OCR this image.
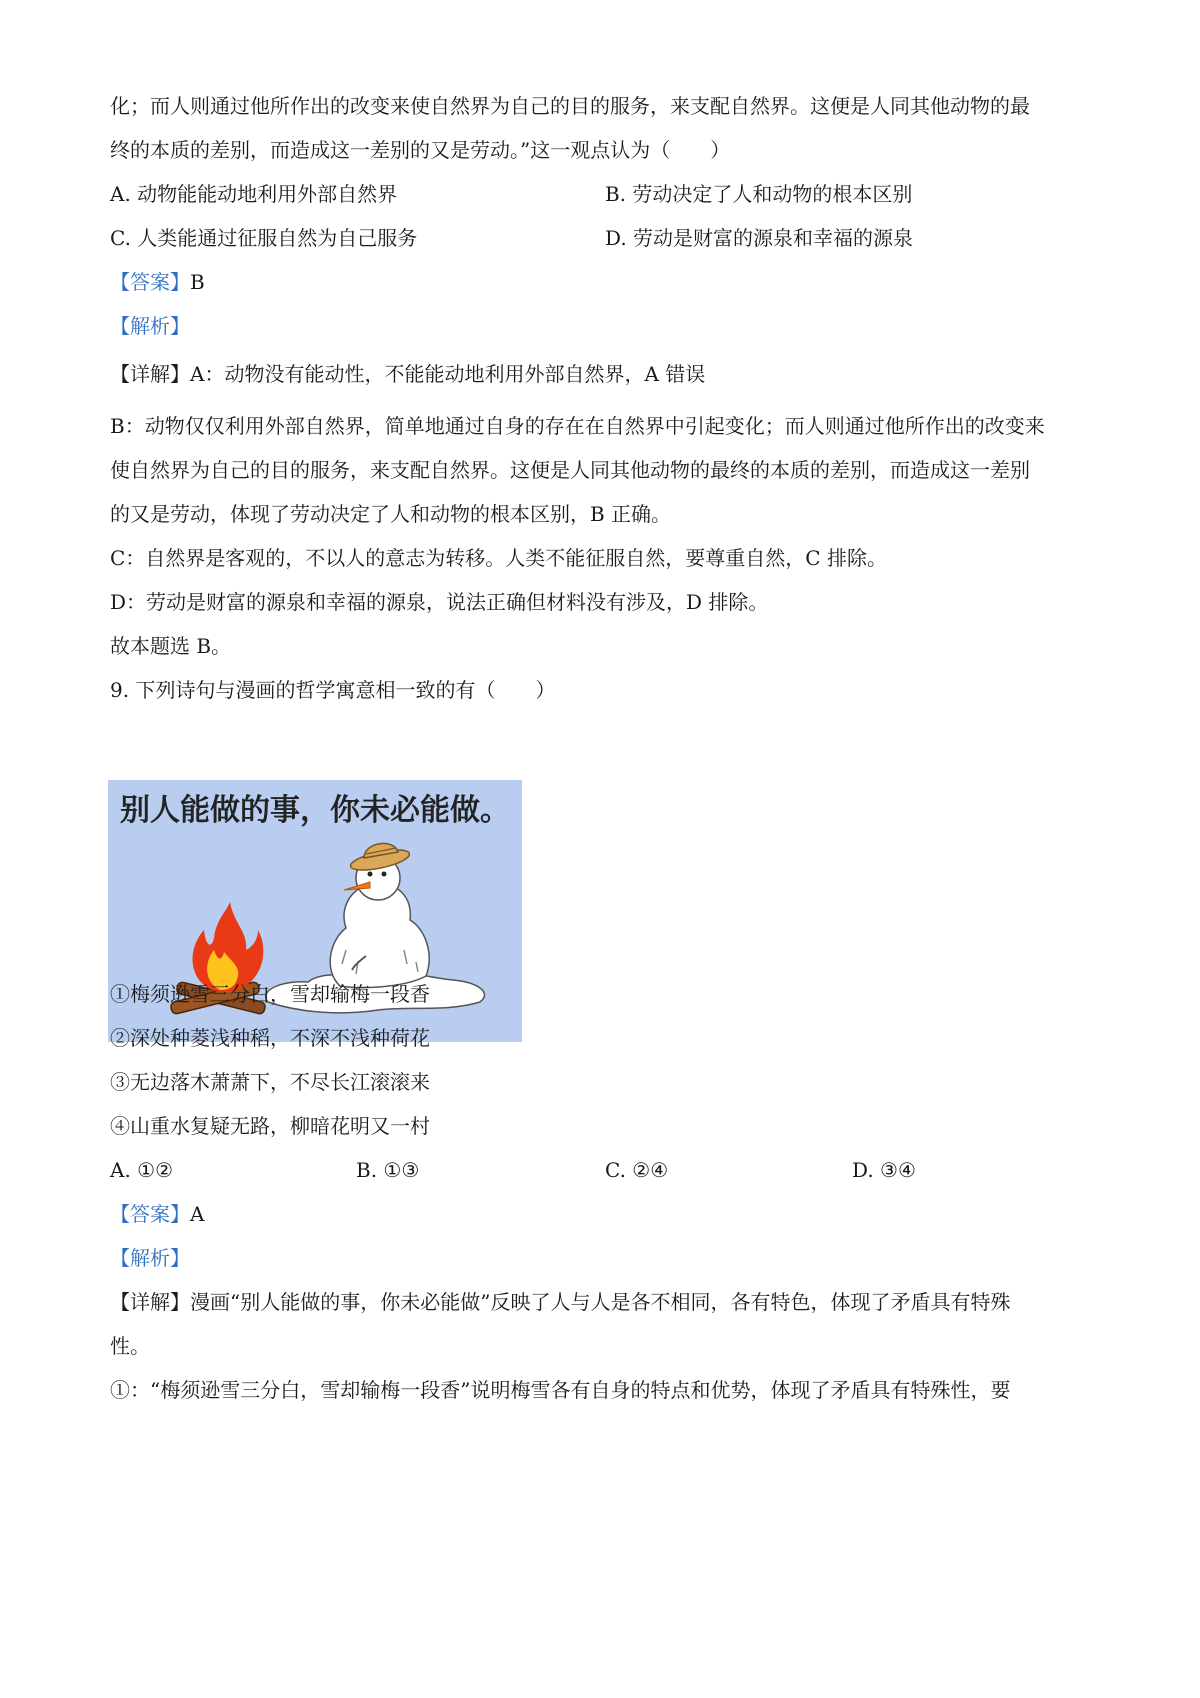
化；而人则通过他所作出的改变来使自然界为自己的目的服务，来支配自然界。这便是人同其他动物的最
终的本质的差别，而造成这一差别的又是劳动。”这一观点认为（　　）
A. 动物能能动地利用外部自然界	B. 劳动决定了人和动物的根本区别
C. 人类能通过征服自然为自己服务	D. 劳动是财富的源泉和幸福的源泉
【答案】B
【解析】
【详解】A：动物没有能动性，不能能动地利用外部自然界，A 错误
B：动物仅仅利用外部自然界，简单地通过自身的存在在自然界中引起变化；而人则通过他所作出的改变来
使自然界为自己的目的服务，来支配自然界。这便是人同其他动物的最终的本质的差别，而造成这一差别
的又是劳动，体现了劳动决定了人和动物的根本区别，B 正确。
C：自然界是客观的，不以人的意志为转移。人类不能征服自然，要尊重自然，C 排除。
D：劳动是财富的源泉和幸福的源泉，说法正确但材料没有涉及，D 排除。
故本题选 B。
9. 下列诗句与漫画的哲学寓意相一致的有（　　）
别人能做的事，你未必能做。
①梅须逊雪三分白，雪却输梅一段香
②深处种菱浅种稻，不深不浅种荷花
③无边落木萧萧下，不尽长江滚滚来
④山重水复疑无路，柳暗花明又一村
A. ①②	B. ①③	C. ②④	D. ③④
【答案】A
【解析】
【详解】漫画“别人能做的事，你未必能做”反映了人与人是各不相同，各有特色，体现了矛盾具有特殊
性。
①：“梅须逊雪三分白，雪却输梅一段香”说明梅雪各有自身的特点和优势，体现了矛盾具有特殊性，要
